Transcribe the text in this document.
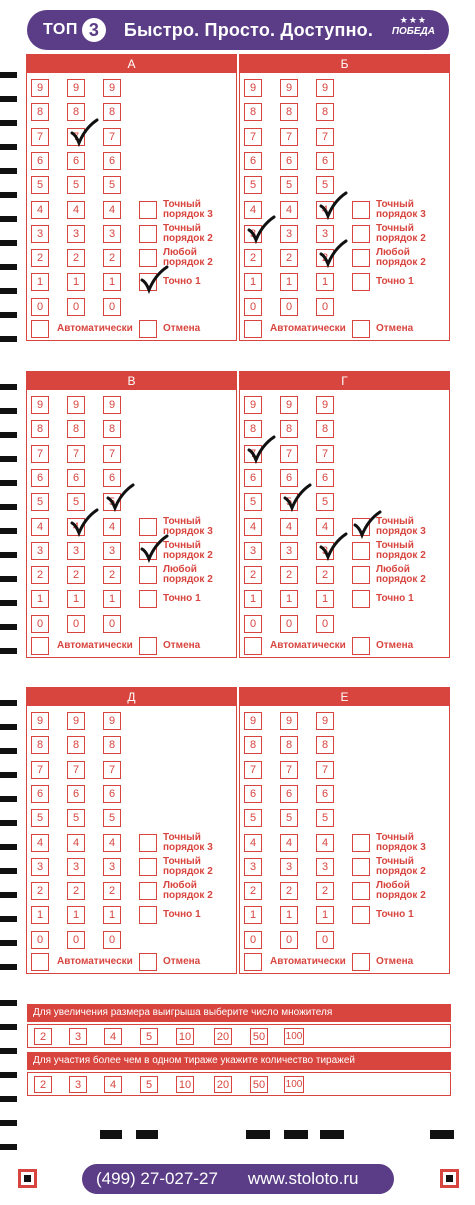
ТОП 3	Быстро. Просто. Доступно.	★★★
ПОБЕДА
А
9	9	9
8	8	8
7	7	7
6	6	6
5	5	5
4	4	4
3	3	3
2	2	2
1	1	1
0	0	0
Точный
порядок 3
Точный
порядок 2
Любой
порядок 2
Точно 1
Автоматически	Отмена
Б
9	9	9
8	8	8
7	7	7
6	6	6
5	5	5
4	4	4
3	3	3
2	2	2
1	1	1
0	0	0
Точный
порядок 3
Точный
порядок 2
Любой
порядок 2
Точно 1
Автоматически	Отмена
В
9	9	9
8	8	8
7	7	7
6	6	6
5	5	5
4	4	4
3	3	3
2	2	2
1	1	1
0	0	0
Точный
порядок 3
Точный
порядок 2
Любой
порядок 2
Точно 1
Автоматически	Отмена
Г
9	9	9
8	8	8
7	7	7
6	6	6
5	5	5
4	4	4
3	3	3
2	2	2
1	1	1
0	0	0
Точный
порядок 3
Точный
порядок 2
Любой
порядок 2
Точно 1
Автоматически	Отмена
Д
9	9	9
8	8	8
7	7	7
6	6	6
5	5	5
4	4	4
3	3	3
2	2	2
1	1	1
0	0	0
Точный
порядок 3
Точный
порядок 2
Любой
порядок 2
Точно 1
Автоматически	Отмена
Е
9	9	9
8	8	8
7	7	7
6	6	6
5	5	5
4	4	4
3	3	3
2	2	2
1	1	1
0	0	0
Точный
порядок 3
Точный
порядок 2
Любой
порядок 2
Точно 1
Автоматически	Отмена
Для увеличения размера выигрыша выберите число множителя
2	3	4	5	10 20 50 100
Для участия более чем в одном тираже укажите количество тиражей
2	3	4	5	10 20 50 100
(499) 27-027-27 www.stoloto.ru
